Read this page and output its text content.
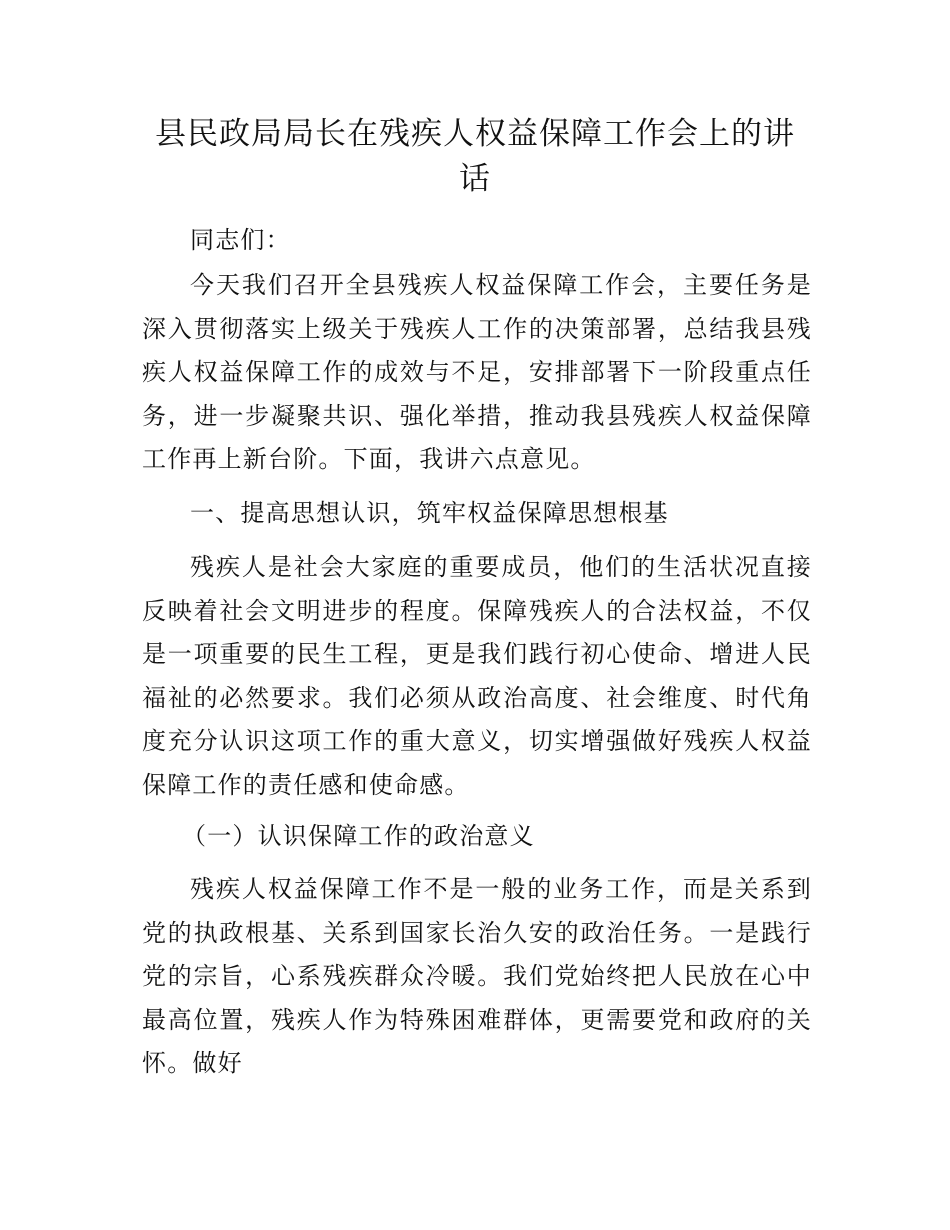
县民政局局长在残疾人权益保障工作会上的讲话

同志们：

今天我们召开全县残疾人权益保障工作会，主要任务是深入贯彻落实上级关于残疾人工作的决策部署，总结我县残疾人权益保障工作的成效与不足，安排部署下一阶段重点任务，进一步凝聚共识、强化举措，推动我县残疾人权益保障工作再上新台阶。下面，我讲六点意见。

一、提高思想认识，筑牢权益保障思想根基

残疾人是社会大家庭的重要成员，他们的生活状况直接反映着社会文明进步的程度。保障残疾人的合法权益，不仅是一项重要的民生工程，更是我们践行初心使命、增进人民福祉的必然要求。我们必须从政治高度、社会维度、时代角度充分认识这项工作的重大意义，切实增强做好残疾人权益保障工作的责任感和使命感。

（一）认识保障工作的政治意义

残疾人权益保障工作不是一般的业务工作，而是关系到党的执政根基、关系到国家长治久安的政治任务。一是践行党的宗旨，心系残疾群众冷暖。我们党始终把人民放在心中最高位置，残疾人作为特殊困难群体，更需要党和政府的关怀。做好
